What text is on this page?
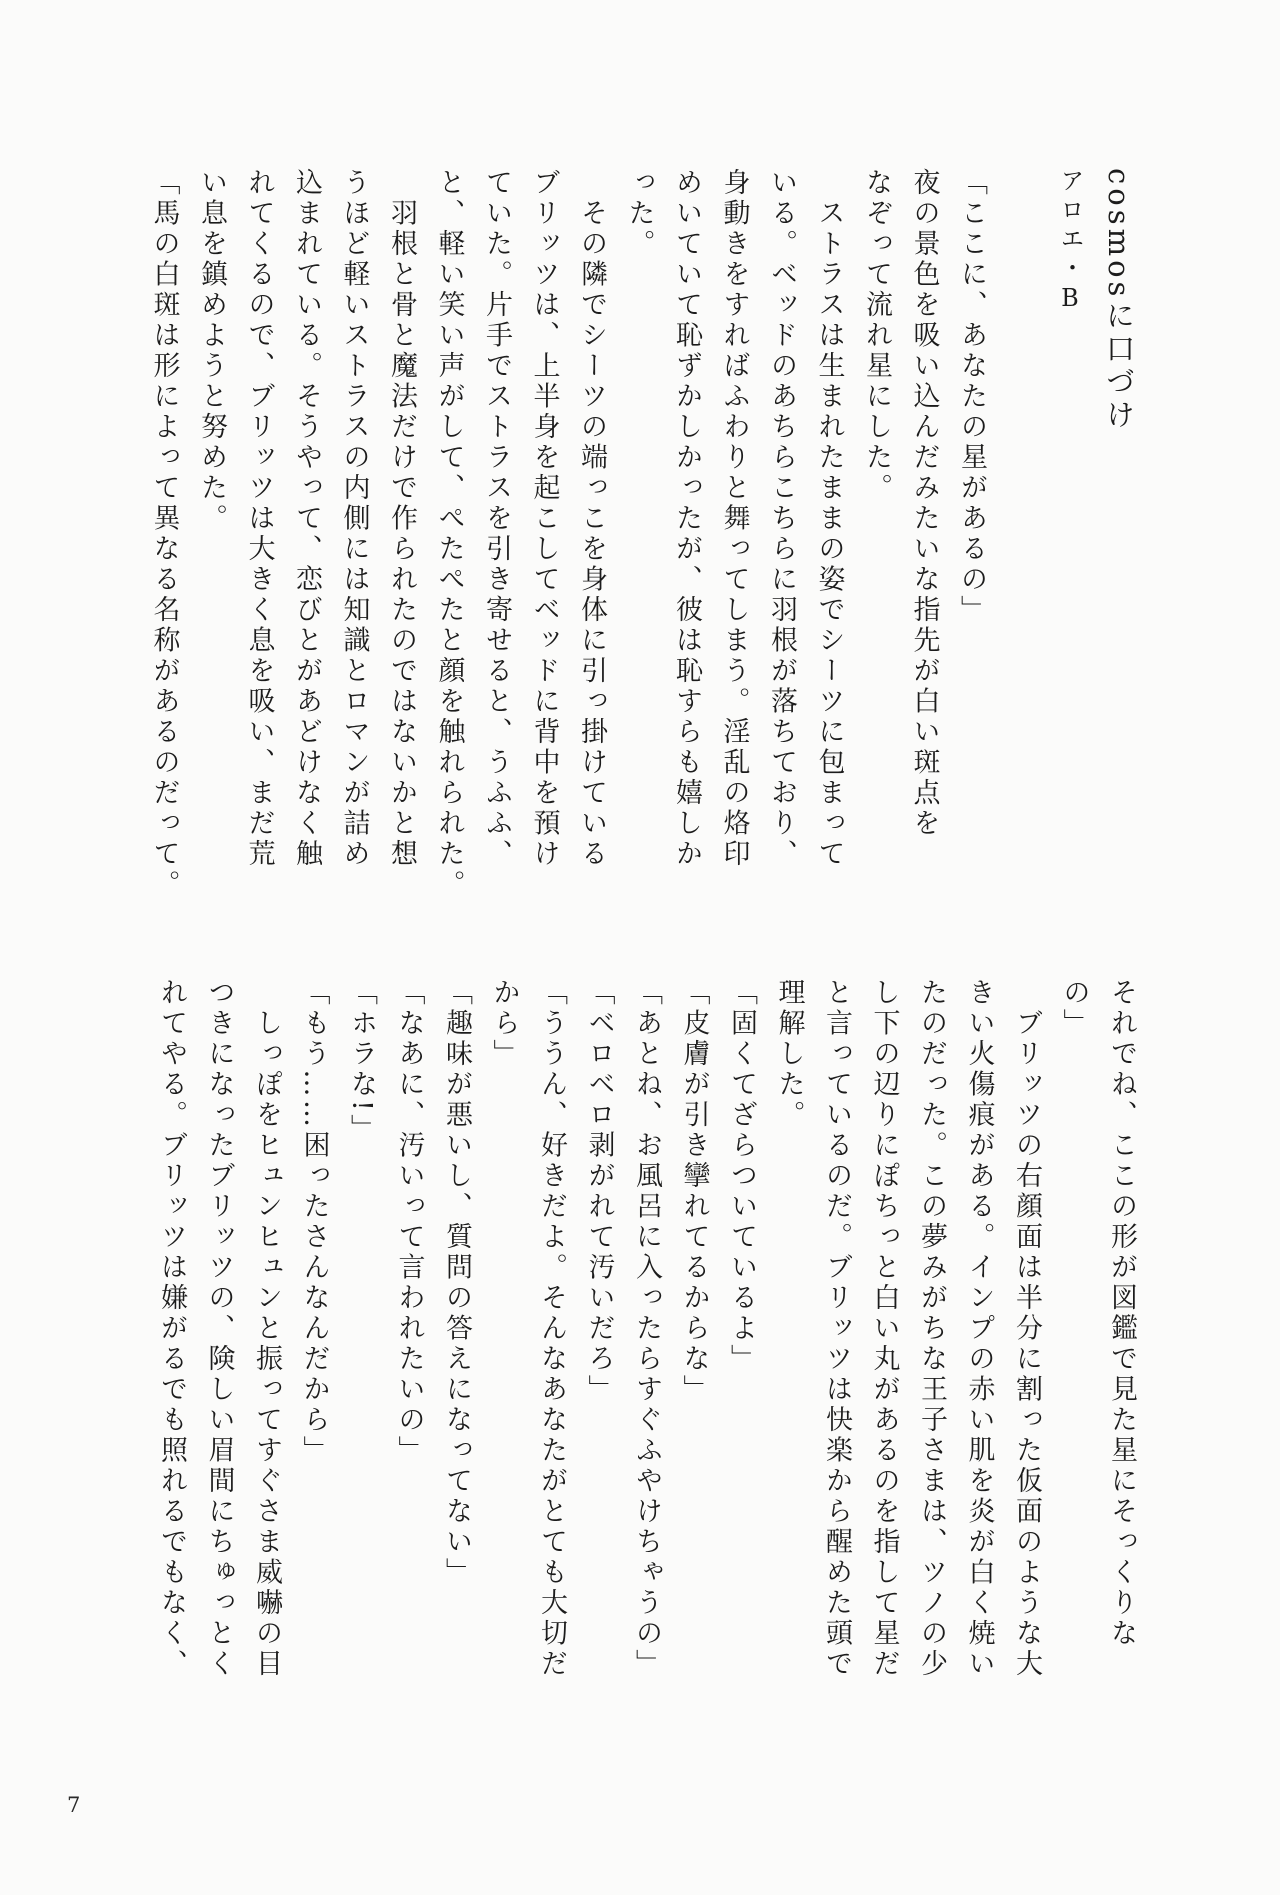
cosmosに口づけ

アロエ・B

「ここに、あなたの星があるの」

夜の景色を吸い込んだみたいな指先が白い斑点を

なぞって流れ星にした。

　ストラスは生まれたままの姿でシーツに包まって

いる。ベッドのあちらこちらに羽根が落ちており、

身動きをすればふわりと舞ってしまう。淫乱の烙印

めいていて恥ずかしかったが、彼は恥すらも嬉しか

った。

　その隣でシーツの端っこを身体に引っ掛けている

ブリッツは、上半身を起こしてベッドに背中を預け

ていた。片手でストラスを引き寄せると、うふふ、

と、軽い笑い声がして、ぺたぺたと顔を触れられた。

　羽根と骨と魔法だけで作られたのではないかと想

うほど軽いストラスの内側には知識とロマンが詰め

込まれている。そうやって、恋びとがあどけなく触

れてくるので、ブリッツは大きく息を吸い、まだ荒

い息を鎮めようと努めた。

「馬の白斑は形によって異なる名称があるのだって。

それでね、ここの形が図鑑で見た星にそっくりな

の」

　ブリッツの右顔面は半分に割った仮面のような大

きい火傷痕がある。インプの赤い肌を炎が白く焼い

たのだった。この夢みがちな王子さまは、ツノの少

し下の辺りにぽちっと白い丸があるのを指して星だ

と言っているのだ。ブリッツは快楽から醒めた頭で

理解した。

「固くてざらついているよ」

「皮膚が引き攣れてるからな」

「あとね、お風呂に入ったらすぐふやけちゃうの」

「ベロベロ剥がれて汚いだろ」

「ううん、好きだよ。そんなあなたがとても大切だ

から」

「趣味が悪いし、質問の答えになってない」

「なあに、汚いって言われたいの」

「ホラな!」

「もう……困ったさんなんだから」

　しっぽをヒュンヒュンと振ってすぐさま威嚇の目

つきになったブリッツの、険しい眉間にちゅっとく

れてやる。ブリッツは嫌がるでも照れるでもなく、

7
